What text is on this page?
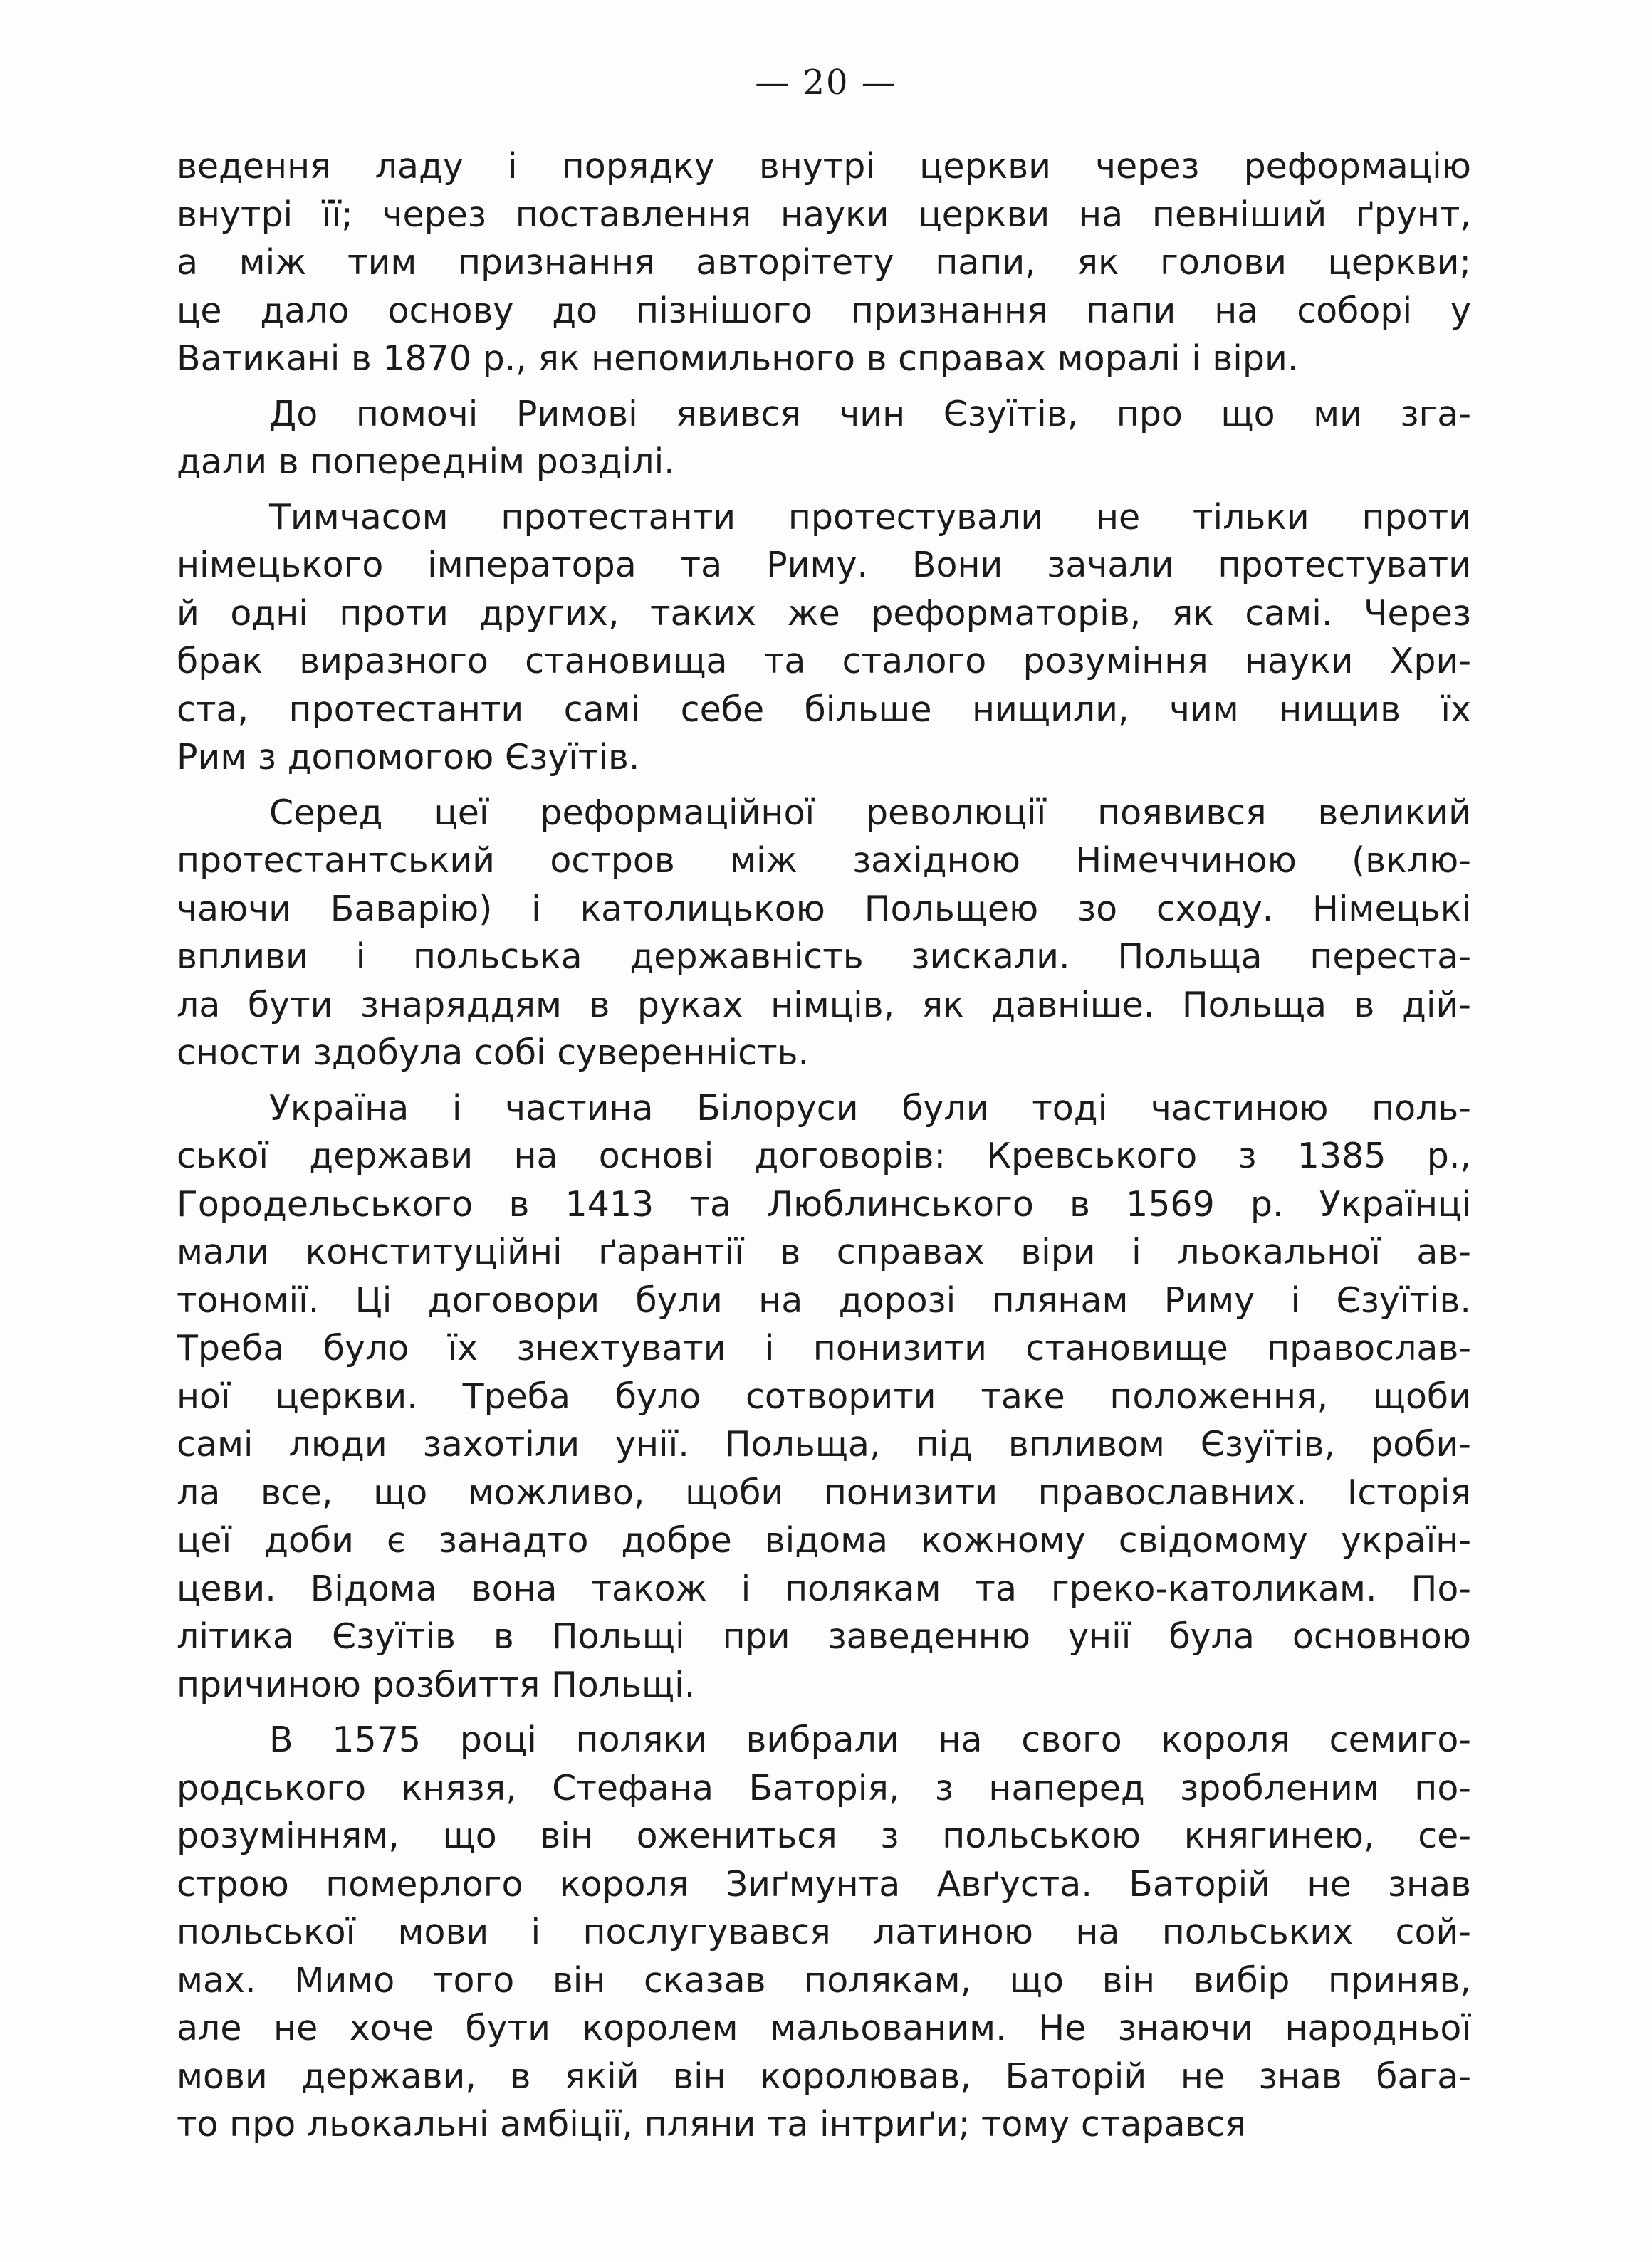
— 20 —
ведення ладу і порядку внутрі церкви через реформацію
внутрі її; через поставлення науки церкви на певніший ґрунт,
а між тим признання авторітету папи, як голови церкви;
це дало основу до пізнішого признання папи на соборі у
Ватикані в 1870 р., як непомильного в справах моралі і віри.
До помочі Римові явився чин Єзуїтів, про що ми зга-
дали в попереднім розділі.
Тимчасом протестанти протестували не тільки проти
німецького імператора та Риму. Вони зачали протестувати
й одні проти других, таких же реформаторів, як самі. Через
брак виразного становища та сталого розуміння науки Хри-
ста, протестанти самі себе більше нищили, чим нищив їх
Рим з допомогою Єзуїтів.
Серед цеї реформаційної революції появився великий
протестантський остров між західною Німеччиною (вклю-
чаючи Баварію) і католицькою Польщею зо сходу. Німецькі
впливи і польська державність зискали. Польща переста-
ла бути знаряддям в руках німців, як давніше. Польща в дій-
сности здобула собі суверенність.
Україна і частина Білоруси були тоді частиною поль-
ської держави на основі договорів: Кревського з 1385 р.,
Городельського в 1413 та Люблинського в 1569 р. Українці
мали конституційні ґарантії в справах віри і льокальної ав-
тономії. Ці договори були на дорозі плянам Риму і Єзуїтів.
Треба було їх знехтувати і понизити становище православ-
ної церкви. Треба було сотворити таке положення, щоби
самі люди захотіли унії. Польща, під впливом Єзуїтів, роби-
ла все, що можливо, щоби понизити православних. Історія
цеї доби є занадто добре відома кожному свідомому україн-
цеви. Відома вона також і полякам та греко-католикам. По-
літика Єзуїтів в Польщі при заведенню унії була основною
причиною розбиття Польщі.
В 1575 році поляки вибрали на свого короля семиго-
родського князя, Стефана Баторія, з наперед зробленим по-
розумінням, що він ожениться з польською княгинею, се-
строю померлого короля Зиґмунта Авґуста. Баторій не знав
польської мови і послугувався латиною на польських сой-
мах. Мимо того він сказав полякам, що він вибір приняв,
але не хоче бути королем мальованим. Не знаючи народньої
мови держави, в якій він королював, Баторій не знав бага-
то про льокальні амбіції, пляни та інтриґи; тому старався
